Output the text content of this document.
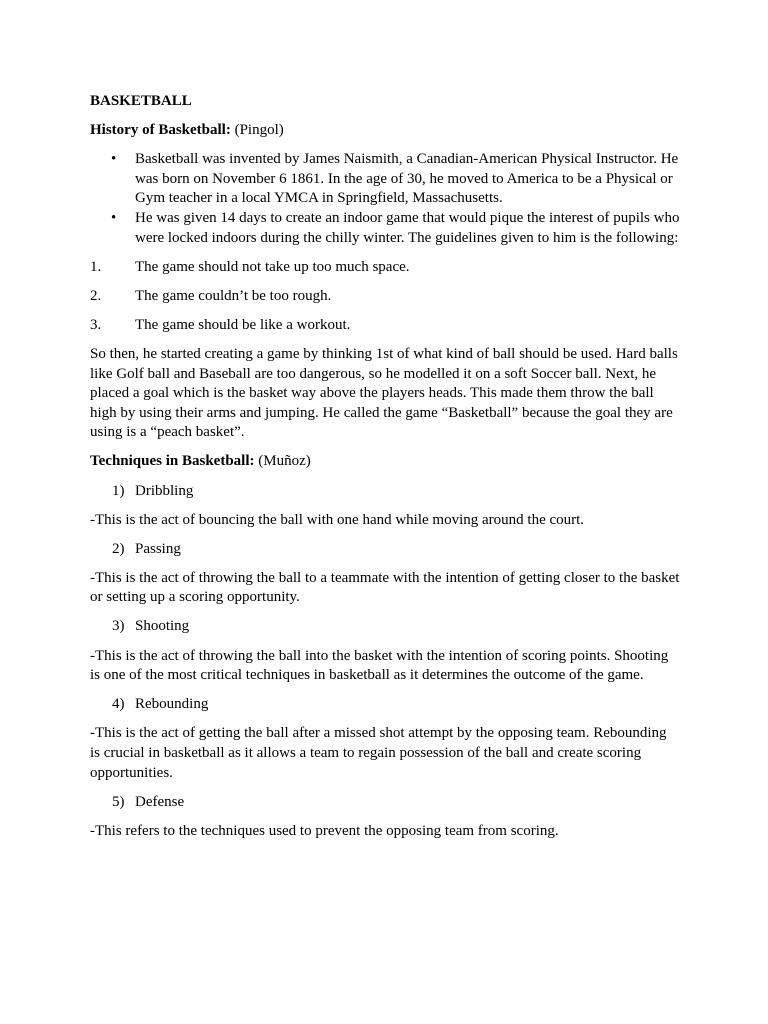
BASKETBALL

History of Basketball: (Pingol)

• Basketball was invented by James Naismith, a Canadian-American Physical Instructor. He was born on November 6 1861. In the age of 30, he moved to America to be a Physical or Gym teacher in a local YMCA in Springfield, Massachusetts.
• He was given 14 days to create an indoor game that would pique the interest of pupils who were locked indoors during the chilly winter. The guidelines given to him is the following:

1. The game should not take up too much space.

2. The game couldn’t be too rough.

3. The game should be like a workout.

So then, he started creating a game by thinking 1st of what kind of ball should be used. Hard balls like Golf ball and Baseball are too dangerous, so he modelled it on a soft Soccer ball. Next, he placed a goal which is the basket way above the players heads. This made them throw the ball high by using their arms and jumping. He called the game “Basketball” because the goal they are using is a “peach basket”.

Techniques in Basketball: (Muñoz)

1) Dribbling

-This is the act of bouncing the ball with one hand while moving around the court.

2) Passing

-This is the act of throwing the ball to a teammate with the intention of getting closer to the basket or setting up a scoring opportunity.

3) Shooting

-This is the act of throwing the ball into the basket with the intention of scoring points. Shooting is one of the most critical techniques in basketball as it determines the outcome of the game.

4) Rebounding

-This is the act of getting the ball after a missed shot attempt by the opposing team. Rebounding is crucial in basketball as it allows a team to regain possession of the ball and create scoring opportunities.

5) Defense

-This refers to the techniques used to prevent the opposing team from scoring.
